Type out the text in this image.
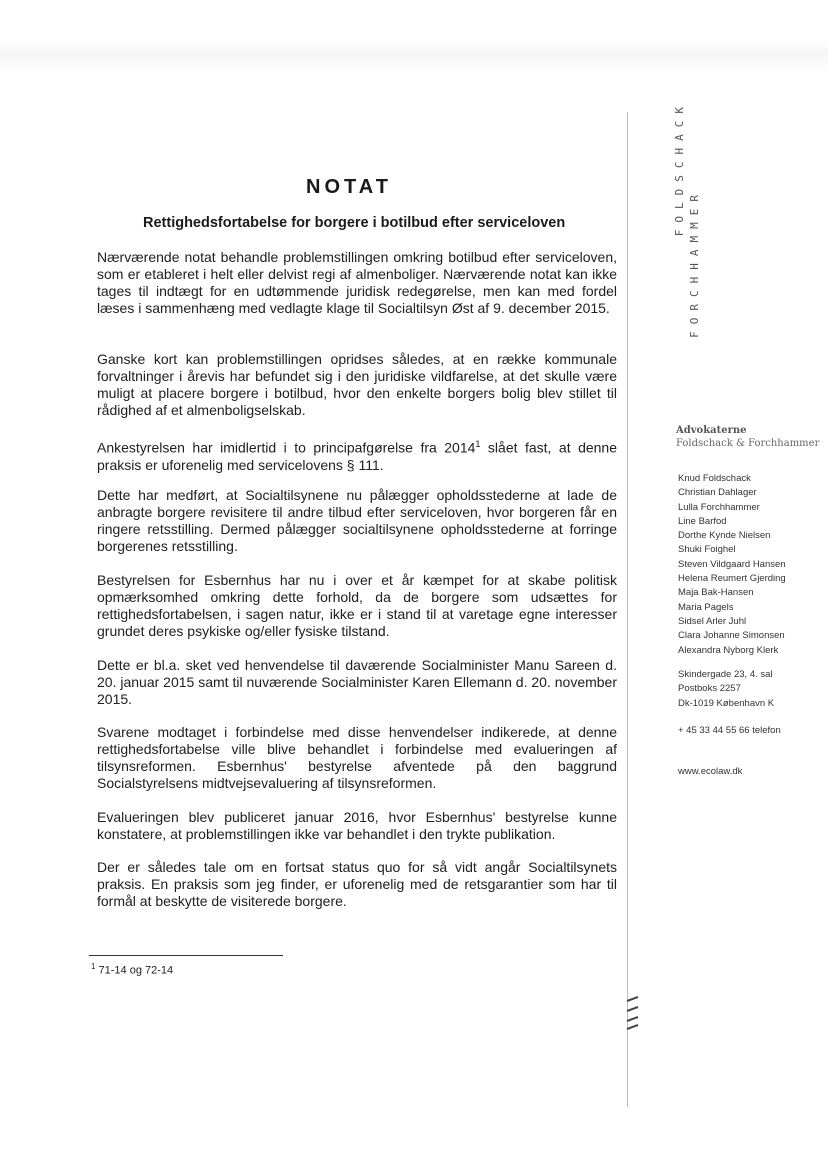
NOTAT
Rettighedsfortabelse for borgere i botilbud efter serviceloven
Nærværende notat behandle problemstillingen omkring botilbud efter serviceloven, som er etableret i helt eller delvist regi af almenboliger. Nærværende notat kan ikke tages til indtægt for en udtømmende juridisk redegørelse, men kan med fordel læses i sammenhæng med vedlagte klage til Socialtilsyn Øst af 9. december 2015.
Ganske kort kan problemstillingen opridses således, at en række kommunale forvaltninger i årevis har befundet sig i den juridiske vildfarelse, at det skulle være muligt at placere borgere i botilbud, hvor den enkelte borgers bolig blev stillet til rådighed af et almenboligselskab.
Ankestyrelsen har imidlertid i to principafgørelse fra 2014$^1$ slået fast, at denne praksis er uforenelig med servicelovens § 111.
Dette har medført, at Socialtilsynene nu pålægger opholdsstederne at lade de anbragte borgere revisitere til andre tilbud efter serviceloven, hvor borgeren får en ringere retsstilling. Dermed pålægger socialtilsynene opholdsstederne at forringe borgerenes retsstilling.
Bestyrelsen for Esbernhus har nu i over et år kæmpet for at skabe politisk opmærksomhed omkring dette forhold, da de borgere som udsættes for rettighedsfortabelsen, i sagen natur, ikke er i stand til at varetage egne interesser grundet deres psykiske og/eller fysiske tilstand.
Dette er bl.a. sket ved henvendelse til daværende Socialminister Manu Sareen d. 20. januar 2015 samt til nuværende Socialminister Karen Ellemann d. 20. november 2015.
Svarene modtaget i forbindelse med disse henvendelser indikerede, at denne rettighedsfortabelse ville blive behandlet i forbindelse med evalueringen af tilsynsreformen. Esbernhus' bestyrelse afventede på den baggrund Socialstyrelsens midtvejsevaluering af tilsynsreformen.
Evalueringen blev publiceret januar 2016, hvor Esbernhus' bestyrelse kunne konstatere, at problemstillingen ikke var behandlet i den trykte publikation.
Der er således tale om en fortsat status quo for så vidt angår Socialtilsynets praksis. En praksis som jeg finder, er uforenelig med de retsgarantier som har til formål at beskytte de visiterede borgere.
$^1$ 71-14 og 72-14
FOLDSCHACK
FORCHHAMMER
Advokaterne
Foldschack & Forchhammer
Knud Foldschack
Christian Dahlager
Lulla Forchhammer
Line Barfod
Dorthe Kynde Nielsen
Shuki Foighel
Steven Vildgaard Hansen
Helena Reumert Gjerding
Maja Bak-Hansen
Maria Pagels
Sidsel Arler Juhl
Clara Johanne Simonsen
Alexandra Nyborg Klerk
Skindergade 23, 4. sal
Postboks 2257
Dk-1019 København K
+ 45 33 44 55 66 telefon
www.ecolaw.dk
